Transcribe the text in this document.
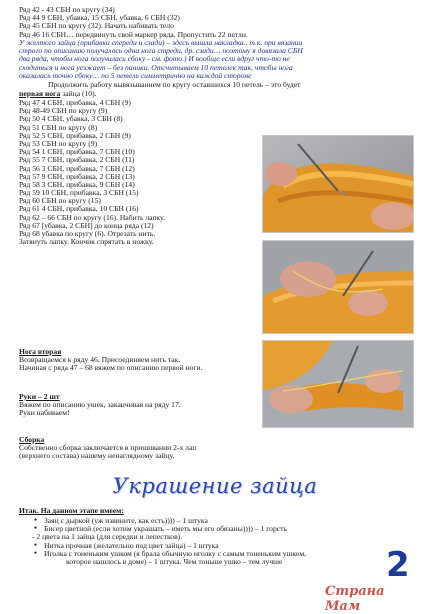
Ряд 42 - 43 СБН по кругу (34)
Ряд 44 9 СБН, убавка, 15 СБН, убавка, 6 СБН (32)
Ряд 45 СБН по кругу (32). Начать набивать тело
Ряд 46 16 СБН… передвинуть свой маркер ряда. Пропустить 22 петли.
У желтого зайца (прибавки спереди и сзади) – здесь вышла накладка.. т.к. при вязании
строго по описанию получалось одна нога стреди, др. сзади… поэтому я довязала СБН
два ряда, чтобы нога получилась сбоку - см. фото.) И вообще если вдруг что-то не
сходиться и нога уезжает – без паники. Отсчитываем 10 петелек так, чтобы нога
оказалась точно сбоку… по 5 петель симметрично на каждой стороне
Продолжить работу вывязыванием по кругу оставшихся 10 петель – это будет
первая нога зайца (10).
Ряд 47 4 СБН, прибавка, 4 СБН (9)
Ряд 48-49 СБН по кругу (9)
Ряд 50 4 СБН, убавка, 3 СБН (8)
Ряд 51 СБН по кругу (8)
Ряд 52 5 СБН, прибавка, 2 СБН (9)
Ряд 53 СБН по кругу (9)
Ряд 54 1 СБН, прибавка, 7 СБН (10)
Ряд 55 7 СБН, прибавка, 2 СБН (11)
Ряд 56 3 СБН, прибавка, 7 СБН (12)
Ряд 57 9 СБН, прибавка, 2 СБН (13)
Ряд 58 3 СБН, прибавка, 9 СБН (14)
Ряд 59 10 СБН, прибавка, 3 СБН (15)
Ряд 60 СБН по кругу (15)
Ряд 61 4 СБН, прибавка, 10 СБН (16)
Ряд 62 – 66 СБН по кругу (16). Набить лапку.
Ряд 67 [убавка, 2 СБН] до конца ряда (12)
Ряд 68 убавка по кругу (6). Отрезать нить.
Затянуть лапку. Кончик спрятать в ножку.
Нога вторая
Возвращаемся к ряду 46. Присоединяем нить так,
Начиная с ряда 47 – 68 вяжем по описанию первой ноги.
Руки – 2 шт
Вяжем по описанию ушек, заканчивая на ряду 17.
Руки набиваем!
Сборка
Собственно сборка заключается в пришивании 2-х лап
(верхнего состава) нашему ненаглядному зайцу.
Украшение зайца
Итак. На данном этапе имеем:
● Заяц с дыркой (уж извините, как есть)))) – 1 штука
● Бисер цветной (если хотим украшать – иметь мы его обязаны)))) – 1 горсть
- 2 цвета на 1 зайца (для середки и лепестков).
● Нитка прочная (желательно под цвет зайца) – 1 штука
● Иголка с тоненьким ушком (я брала обычную иголку с самым тоненьким ушком,
которое нашлось в доме) – 1 штука. Чем тоньше ушко – тем лучше	2
Страна Мам
